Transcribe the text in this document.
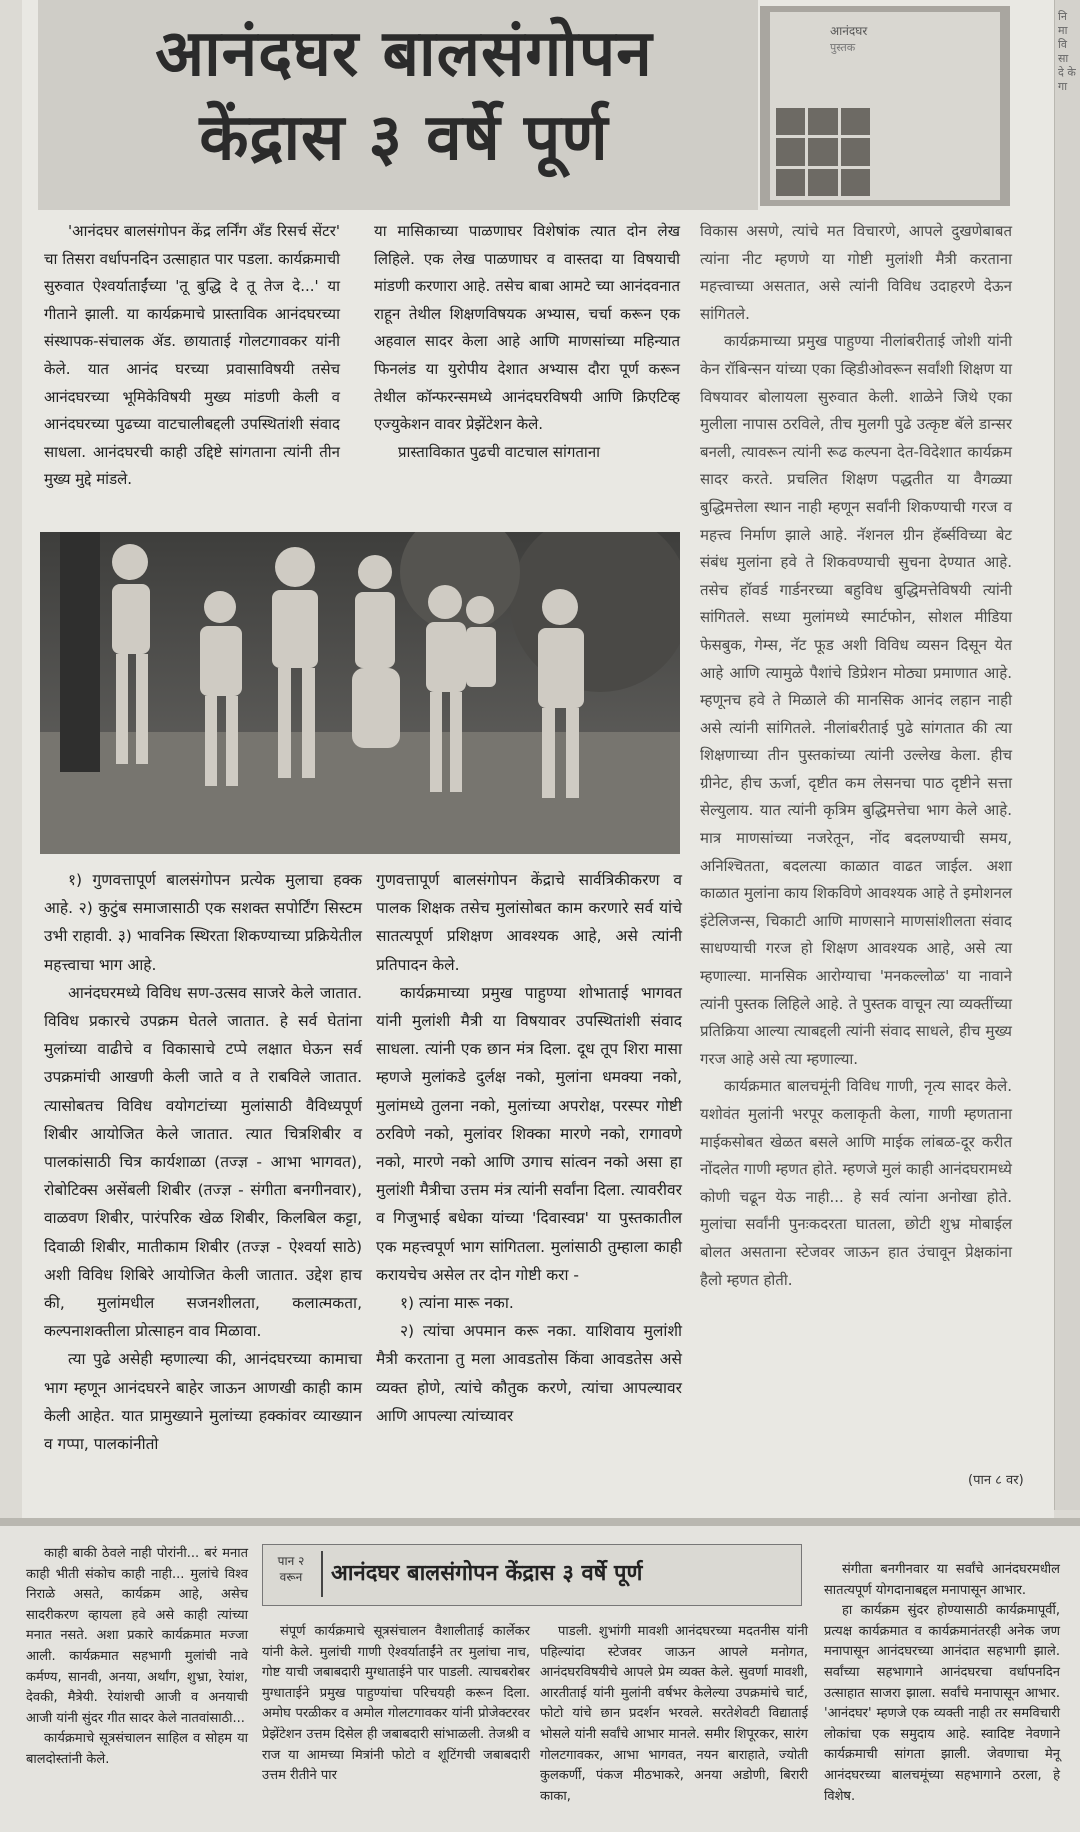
नि मा वि सा दे के गा
आनंदघर बालसंगोपन
केंद्रास ३ वर्षे पूर्ण
आनंदघर
पुस्तक

'आनंदघर बालसंगोपन केंद्र लर्निंग ॲंड रिसर्च सेंटर' चा तिसरा वर्धापनदिन उत्साहात पार पडला. कार्यक्रमाची सुरुवात ऐश्वर्याताईंच्या 'तू बुद्धि दे तू तेज दे...' या गीताने झाली. या कार्यक्रमाचे प्रास्ताविक आनंदघरच्या संस्थापक-संचालक ॲड. छायाताई गोलटगावकर यांनी केले. यात आनंद घरच्या प्रवासाविषयी तसेच आनंदघरच्या भूमिकेविषयी मुख्य मांडणी केली व आनंदघरच्या पुढच्या वाटचालीबद्दली उपस्थितांशी संवाद साधला. आनंदघरची काही उद्दिष्टे सांगताना त्यांनी तीन मुख्य मुद्दे मांडले.

या मासिकाच्या पाळणाघर विशेषांक त्यात दोन लेख लिहिले. एक लेख पाळणाघर व वास्तदा या विषयाची मांडणी करणारा आहे. तसेच बाबा आमटे च्या आनंदवनात राहून तेथील शिक्षणविषयक अभ्यास, चर्चा करून एक अहवाल सादर केला आहे आणि माणसांच्या महिन्यात फिनलंड या युरोपीय देशात अभ्यास दौरा पूर्ण करून तेथील कॉन्फरन्समध्ये आनंदघरविषयी आणि क्रिएटिव्ह एज्युकेशन वावर प्रेझेंटेशन केले.

प्रास्ताविकात पुढची वाटचाल सांगताना

विकास असणे, त्यांचे मत विचारणे, आपले दुखणेबाबत त्यांना नीट म्हणणे या गोष्टी मुलांशी मैत्री करताना महत्त्वाच्या असतात, असे त्यांनी विविध उदाहरणे देऊन सांगितले.

कार्यक्रमाच्या प्रमुख पाहुण्या नीलांबरीताई जोशी यांनी केन रॉबिन्सन यांच्या एका व्हिडीओवरून सर्वांशी शिक्षण या विषयावर बोलायला सुरुवात केली. शाळेने जिथे एका मुलीला नापास ठरविले, तीच मुलगी पुढे उत्कृष्ट बॅले डान्सर बनली, त्यावरून त्यांनी रूढ कल्पना देत-विदेशात कार्यक्रम सादर करते. प्रचलित शिक्षण पद्धतीत या वैगळ्या बुद्धिमत्तेला स्थान नाही म्हणून सर्वांनी शिकण्याची गरज व महत्त्व निर्माण झाले आहे. नॅशनल ग्रीन हॅर्ब्सविच्या बेट संबंध मुलांना हवे ते शिकवण्याची सुचना देण्यात आहे. तसेच हॉवर्ड गार्डनरच्या बहुविध बुद्धिमत्तेविषयी त्यांनी सांगितले. सध्या मुलांमध्ये स्मार्टफोन, सोशल मीडिया फेसबुक, गेम्स, नॅट फूड अशी विविध व्यसन दिसून येत आहे आणि त्यामुळे पैशांचे डिप्रेशन मोठ्या प्रमाणात आहे. म्हणूनच हवे ते मिळाले की मानसिक आनंद लहान नाही असे त्यांनी सांगितले. नीलांबरीताई पुढे सांगतात की त्या शिक्षणाच्या तीन पुस्तकांच्या त्यांनी उल्लेख केला. हीच ग्रीनेट, हीच ऊर्जा, दृष्टीत कम लेसनचा पाठ दृष्टीने सत्ता सेल्युलाय. यात त्यांनी कृत्रिम बुद्धिमत्तेचा भाग केले आहे. मात्र माणसांच्या नजरेतून, नोंद बदलण्याची समय, अनिश्चितता, बदलत्या काळात वाढत जाईल. अशा काळात मुलांना काय शिकविणे आवश्यक आहे ते इमोशनल इंटेलिजन्स, चिकाटी आणि माणसाने माणसांशीलता संवाद साधण्याची गरज हो शिक्षण आवश्यक आहे, असे त्या म्हणाल्या. मानसिक आरोग्याचा 'मनकल्लोळ' या नावाने त्यांनी पुस्तक लिहिले आहे. ते पुस्तक वाचून त्या व्यक्तींच्या प्रतिक्रिया आल्या त्याबद्दली त्यांनी संवाद साधले, हीच मुख्य गरज आहे असे त्या म्हणाल्या.

कार्यक्रमात बालचमूंनी विविध गाणी, नृत्य सादर केले. यशोवंत मुलांनी भरपूर कलाकृती केला, गाणी म्हणताना माईकसोबत खेळत बसले आणि माईक लांबळ-दूर करीत नोंदलेत गाणी म्हणत होते. म्हणजे मुलं काही आनंदघरामध्ये कोणी चढून येऊ नाही... हे सर्व त्यांना अनोखा होते. मुलांचा सर्वांनी पुनःकदरता घातला, छोटी शुभ्र मोबाईल बोलत असताना स्टेजवर जाऊन हात उंचावून प्रेक्षकांना हैलो म्हणत होती.

(पान ८ वर)

१) गुणवत्तापूर्ण बालसंगोपन प्रत्येक मुलाचा हक्क आहे. २) कुटुंब समाजासाठी एक सशक्त सपोर्टिंग सिस्टम उभी राहावी. ३) भावनिक स्थिरता शिकण्याच्या प्रक्रियेतील महत्त्वाचा भाग आहे.

आनंदघरमध्ये विविध सण-उत्सव साजरे केले जातात. विविध प्रकारचे उपक्रम घेतले जातात. हे सर्व घेतांना मुलांच्या वाढीचे व विकासाचे टप्पे लक्षात घेऊन सर्व उपक्रमांची आखणी केली जाते व ते राबविले जातात. त्यासोबतच विविध वयोगटांच्या मुलांसाठी वैविध्यपूर्ण शिबीर आयोजित केले जातात. त्यात चित्रशिबीर व पालकांसाठी चित्र कार्यशाळा (तज्ज्ञ - आभा भागवत), रोबोटिक्स असेंबली शिबीर (तज्ज्ञ - संगीता बनगीनवार), वाळवण शिबीर, पारंपरिक खेळ शिबीर, किलबिल कट्टा, दिवाळी शिबीर, मातीकाम शिबीर (तज्ज्ञ - ऐश्वर्या साठे) अशी विविध शिबिरे आयोजित केली जातात. उद्देश हाच की, मुलांमधील सजनशीलता, कलात्मकता, कल्पनाशक्तीला प्रोत्साहन वाव मिळावा.

त्या पुढे असेही म्हणाल्या की, आनंदघरच्या कामाचा भाग म्हणून आनंदघरने बाहेर जाऊन आणखी काही काम केली आहेत. यात प्रामुख्याने मुलांच्या हक्कांवर व्याख्यान व गप्पा, पालकांनीतो

गुणवत्तापूर्ण बालसंगोपन केंद्राचे सार्वत्रिकीकरण व पालक शिक्षक तसेच मुलांसोबत काम करणारे सर्व यांचे सातत्यपूर्ण प्रशिक्षण आवश्यक आहे, असे त्यांनी प्रतिपादन केले.

कार्यक्रमाच्या प्रमुख पाहुण्या शोभाताई भागवत यांनी मुलांशी मैत्री या विषयावर उपस्थितांशी संवाद साधला. त्यांनी एक छान मंत्र दिला. दूध तूप शिरा मासा म्हणजे मुलांकडे दुर्लक्ष नको, मुलांना धमक्या नको, मुलांमध्ये तुलना नको, मुलांच्या अपरोक्ष, परस्पर गोष्टी ठरविणे नको, मुलांवर शिक्का मारणे नको, रागावणे नको, मारणे नको आणि उगाच सांत्वन नको असा हा मुलांशी मैत्रीचा उत्तम मंत्र त्यांनी सर्वांना दिला. त्यावरीवर व गिजुभाई बधेका यांच्या 'दिवास्वप्न' या पुस्तकातील एक महत्त्वपूर्ण भाग सांगितला. मुलांसाठी तुम्हाला काही करायचेच असेल तर दोन गोष्टी करा -

१) त्यांना मारू नका.

२) त्यांचा अपमान करू नका. याशिवाय मुलांशी मैत्री करताना तु मला आवडतोस किंवा आवडतेस असे व्यक्त होणे, त्यांचे कौतुक करणे, त्यांचा आपल्यावर आणि आपल्या त्यांच्यावर

काही बाकी ठेवले नाही पोरांनी... बरं मनात काही भीती संकोच काही नाही... मुलांचे विश्व निराळे असते, कार्यक्रम आहे, असेच सादरीकरण व्हायला हवे असे काही त्यांच्या मनात नसते. अशा प्रकारे कार्यक्रमात मज्जा आली. कार्यक्रमात सहभागी मुलांची नावे कर्मण्य, सानवी, अनया, अर्थांग, शुभ्रा, रेयांश, देवकी, मैत्रेयी. रेयांशची आजी व अनयाची आजी यांनी सुंदर गीत सादर केले नातवांसाठी...

कार्यक्रमाचे सूत्रसंचालन साहिल व सोहम या बालदोस्तांनी केले.

पान २ वरून	आनंदघर बालसंगोपन केंद्रास ३ वर्षे पूर्ण

संपूर्ण कार्यक्रमाचे सूत्रसंचालन वैशालीताई कार्लेकर यांनी केले. मुलांची गाणी ऐश्वर्याताईंने तर मुलांचा नाच, गोष्ट याची जबाबदारी मुग्धाताईने पार पाडली. त्याचबरोबर मुग्धाताईने प्रमुख पाहुण्यांचा परिचयही करून दिला. अमोघ परळीकर व अमोल गोलटगावकर यांनी प्रोजेक्टरवर प्रेझेंटेशन उत्तम दिसेल ही जबाबदारी सांभाळली. तेजश्री व राज या आमच्या मित्रांनी फोटो व शूटिंगची जबाबदारी उत्तम रीतीने पार

पाडली. शुभांगी मावशी आनंदघरच्या मदतनीस यांनी पहिल्यांदा स्टेजवर जाऊन आपले मनोगत, आनंदघरविषयीचे आपले प्रेम व्यक्त केले. सुवर्णा मावशी, आरतीताई यांनी मुलांनी वर्षभर केलेल्या उपक्रमांचे चार्ट, फोटो यांचे छान प्रदर्शन भरवले. सरतेशेवटी विद्याताई भोसले यांनी सर्वांचे आभार मानले. समीर शिपूरकर, सारंग गोलटगावकर, आभा भागवत, नयन बाराहाते, ज्योती कुलकर्णी, पंकज मीठभाकरे, अनया अडोणी, बिरारी काका,

संगीता बनगीनवार या सर्वांचे आनंदघरमधील सातत्यपूर्ण योगदानाबद्दल मनापासून आभार.

हा कार्यक्रम सुंदर होण्यासाठी कार्यक्रमापूर्वी, प्रत्यक्ष कार्यक्रमात व कार्यक्रमानंतरही अनेक जण मनापासून आनंदघरच्या आनंदात सहभागी झाले. सर्वांच्या सहभागाने आनंदघरचा वर्धापनदिन उत्साहात साजरा झाला. सर्वांचे मनापासून आभार. 'आनंदघर' म्हणजे एक व्यक्ती नाही तर समविचारी लोकांचा एक समुदाय आहे. स्वादिष्ट नेवणाने कार्यक्रमाची सांगता झाली. जेवणाचा मेनू आनंदघरच्या बालचमूंच्या सहभागाने ठरला, हे विशेष.
